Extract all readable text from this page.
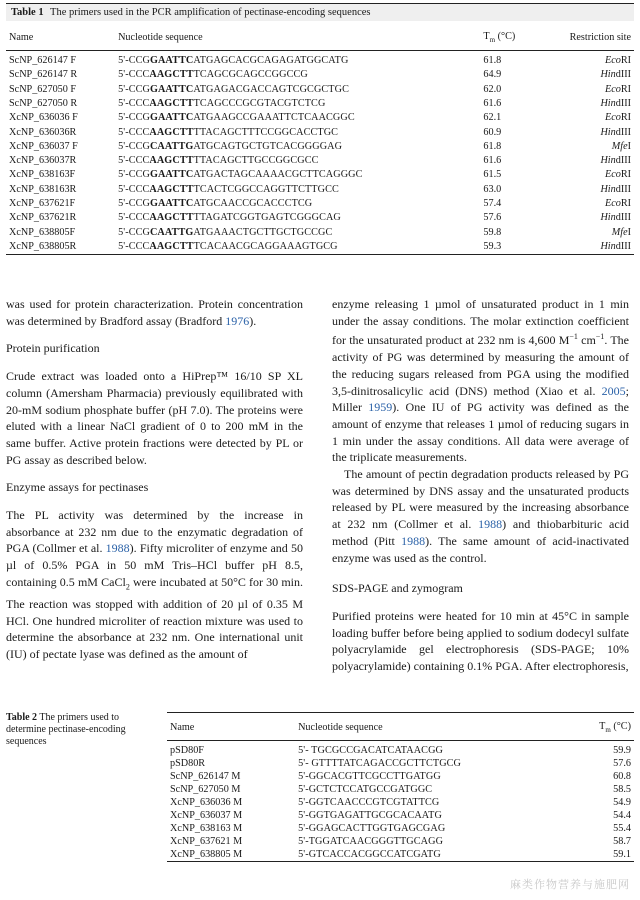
Table 1 The primers used in the PCR amplification of pectinase-encoding sequences
Name	Nucleotide sequence	$T_m$ (°C)	Restriction site
ScNP_626147 F	5'-CCGGAATTCATGAGCACGCAGAGATGGCATG	61.8	EcoRI
ScNP_626147 R	5'-CCCAAGCTTTCAGCGCAGCCGGCCG	64.9	HindIII
ScNP_627050 F	5'-CCGGAATTCATGAGACGACCAGTCGCGCTGC	62.0	EcoRI
ScNP_627050 R	5'-CCCAAGCTTTCAGCCCGCGTACGTCTCG	61.6	HindIII
XcNP_636036 F	5'-CCGGAATTCATGAAGCCGAAATTCTCAACGGC	62.1	EcoRI
XcNP_636036R	5'-CCCAAGCTTTTACAGCTTTCCGGCACCTGC	60.9	HindIII
XcNP_636037 F	5'-CCGCAATTGATGCAGTGCTGTCACGGGGAG	61.8	MfeI
XcNP_636037R	5'-CCCAAGCTTTTACAGCTTGCCGGCGCC	61.6	HindIII
XcNP_638163F	5'-CCGGAATTCATGACTAGCAAAACGCTTCAGGGC	61.5	EcoRI
XcNP_638163R	5'-CCCAAGCTTTCACTCGGCCAGGTTCTTGCC	63.0	HindIII
XcNP_637621F	5'-CCGGAATTCATGCAACCGCACCCTCG	57.4	EcoRI
XcNP_637621R	5'-CCCAAGCTTTTAGATCGGTGAGTCGGGCAG	57.6	HindIII
XcNP_638805F	5'-CCGCAATTGATGAAACTGCTTGCTGCCGC	59.8	MfeI
XcNP_638805R	5'-CCCAAGCTTTCACAACGCAGGAAAGTGCG	59.3	HindIII

was used for protein characterization. Protein concentration was determined by Bradford assay (Bradford 1976).

Protein purification

Crude extract was loaded onto a HiPrep™ 16/10 SP XL column (Amersham Pharmacia) previously equilibrated with 20-mM sodium phosphate buffer (pH 7.0). The proteins were eluted with a linear NaCl gradient of 0 to 200 mM in the same buffer. Active protein fractions were detected by PL or PG assay as described below.

Enzyme assays for pectinases

The PL activity was determined by the increase in absorbance at 232 nm due to the enzymatic degradation of PGA (Collmer et al. 1988). Fifty microliter of enzyme and 50 µl of 0.5% PGA in 50 mM Tris–HCl buffer pH 8.5, containing 0.5 mM CaCl$_2$ were incubated at 50°C for 30 min. The reaction was stopped with addition of 20 µl of 0.35 M HCl. One hundred microliter of reaction mixture was used to determine the absorbance at 232 nm. One international unit (IU) of pectate lyase was defined as the amount of

enzyme releasing 1 µmol of unsaturated product in 1 min under the assay conditions. The molar extinction coefficient for the unsaturated product at 232 nm is 4,600 $M^{-1}$ $cm^{-1}$. The activity of PG was determined by measuring the amount of the reducing sugars released from PGA using the modified 3,5-dinitrosalicylic acid (DNS) method (Xiao et al. 2005; Miller 1959). One IU of PG activity was defined as the amount of enzyme that releases 1 µmol of reducing sugars in 1 min under the assay conditions. All data were average of the triplicate measurements.

The amount of pectin degradation products released by PG was determined by DNS assay and the unsaturated products released by PL were measured by the increasing absorbance at 232 nm (Collmer et al. 1988) and thiobarbituric acid method (Pitt 1988). The same amount of acid-inactivated enzyme was used as the control.

SDS-PAGE and zymogram

Purified proteins were heated for 10 min at 45°C in sample loading buffer before being applied to sodium dodecyl sulfate polyacrylamide gel electrophoresis (SDS-PAGE; 10% polyacrylamide) containing 0.1% PGA. After electrophoresis,

Table 2 The primers used to determine pectinase-encoding sequences
Name	Nucleotide sequence	$T_m$ (°C)
pSD80F	5'- TGCGCCGACATCATAACGG	59.9
pSD80R	5'- GTTTTATCAGACCGCTTCTGCG	57.6
ScNP_626147 M	5'-GGCACGTTCGCCTTGATGG	60.8
ScNP_627050 M	5'-GCTCTCCATGCCGATGGC	58.5
XcNP_636036 M	5'-GGTCAACCCGTCGTATTCG	54.9
XcNP_636037 M	5'-GGTGAGATTGCGCACAATG	54.4
XcNP_638163 M	5'-GGAGCACTTGGTGAGCGAG	55.4
XcNP_637621 M	5'-TGGATCAACGGGTTGCAGG	58.7
XcNP_638805 M	5'-GTCACCACGGCCATCGATG	59.1
麻类作物营养与施肥网
